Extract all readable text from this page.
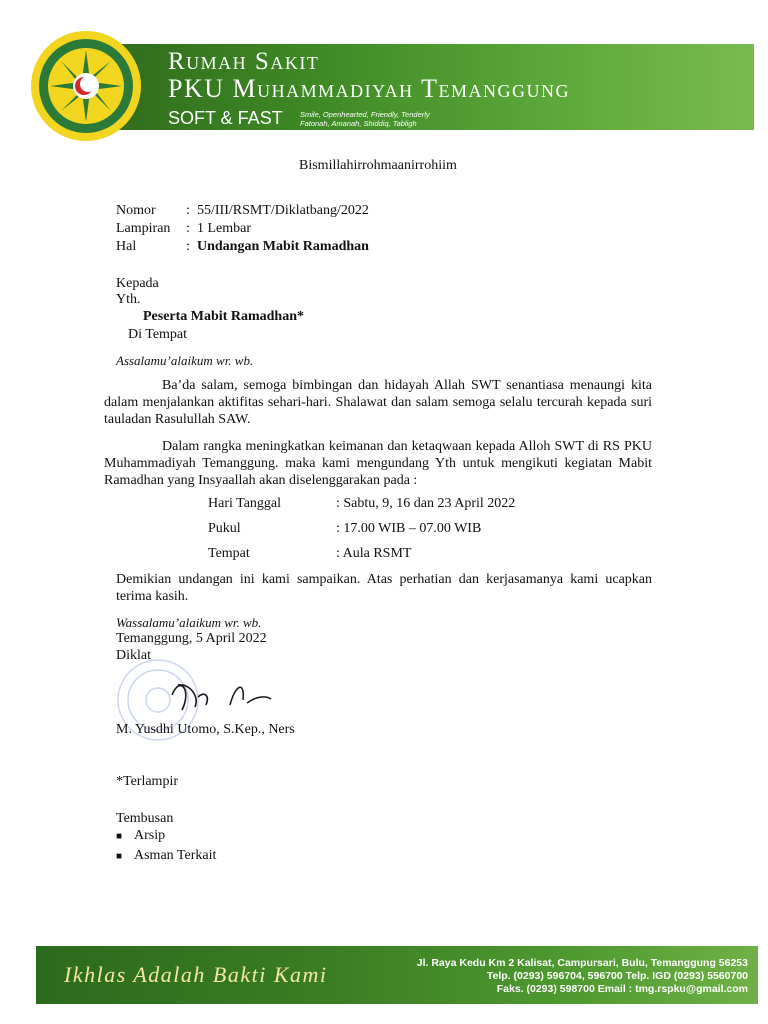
Rumah Sakit
PKU Muhammadiyah Temanggung
SOFT & FAST Smile, Openhearted, Friendly, Tenderly
Fatonah, Amanah, Shiddiq, Tabligh
Bismillahirrohmaanirrohiim
Nomor : 55/III/RSMT/Diklatbang/2022
Lampiran : 1 Lembar
Hal	: Undangan Mabit Ramadhan
Kepada
Yth.
Peserta Mabit Ramadhan*
Di Tempat
Assalamu’alaikum wr. wb.
Ba’da salam, semoga bimbingan dan hidayah Allah SWT senantiasa menaungi kita dalam menjalankan aktifitas sehari-hari. Shalawat dan salam semoga selalu tercurah kepada suri tauladan Rasulullah SAW.
Dalam rangka meningkatkan keimanan dan ketaqwaan kepada Alloh SWT di RS PKU Muhammadiyah Temanggung. maka kami mengundang Yth untuk mengikuti kegiatan Mabit Ramadhan yang Insyaallah akan diselenggarakan pada :
Hari Tanggal	: Sabtu, 9, 16 dan 23 April 2022
Pukul	: 17.00 WIB – 07.00 WIB
Tempat	: Aula RSMT
Demikian undangan ini kami sampaikan. Atas perhatian dan kerjasamanya kami ucapkan terima kasih.
Wassalamu’alaikum wr. wb.
Temanggung, 5 April 2022
Diklat
M. Yusdhi Utomo, S.Kep., Ners
*Terlampir
Tembusan
■ Arsip
■ Asman Terkait
Ikhlas Adalah Bakti Kami	Jl. Raya Kedu Km 2 Kalisat, Campursari, Bulu, Temanggung 56253
Telp. (0293) 596704, 596700 Telp. IGD (0293) 5560700
Faks. (0293) 598700 Email : tmg.rspku@gmail.com
